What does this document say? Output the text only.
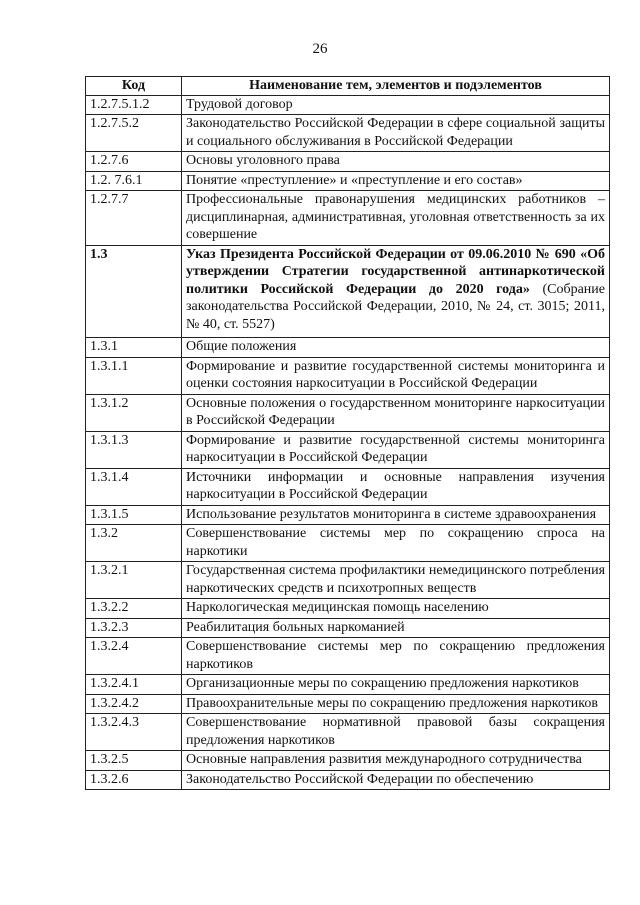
26
Код	Наименование тем, элементов и подэлементов
1.2.7.5.1.2	Трудовой договор
1.2.7.5.2	Законодательство Российской Федерации в сфере социальной защиты и социального обслуживания в Российской Федерации
1.2.7.6	Основы уголовного права
1.2. 7.6.1	Понятие «преступление» и «преступление и его состав»
1.2.7.7	Профессиональные правонарушения медицинских работников – дисциплинарная, административная, уголовная ответственность за их совершение
1.3	Указ Президента Российской Федерации от 09.06.2010 № 690 «Об утверждении Стратегии государственной антинаркотической политики Российской Федерации до 2020 года» (Собрание законодательства Российской Федерации, 2010, № 24, ст. 3015; 2011, № 40, ст. 5527)
1.3.1	Общие положения
1.3.1.1	Формирование и развитие государственной системы мониторинга и оценки состояния наркоситуации в Российской Федерации
1.3.1.2	Основные положения о государственном мониторинге наркоситуации в Российской Федерации
1.3.1.3	Формирование и развитие государственной системы мониторинга наркоситуации в Российской Федерации
1.3.1.4	Источники информации и основные направления изучения наркоситуации в Российской Федерации
1.3.1.5	Использование результатов мониторинга в системе здравоохранения
1.3.2	Совершенствование системы мер по сокращению спроса на наркотики
1.3.2.1	Государственная система профилактики немедицинского потребления наркотических средств и психотропных веществ
1.3.2.2	Наркологическая медицинская помощь населению
1.3.2.3	Реабилитация больных наркоманией
1.3.2.4	Совершенствование системы мер по сокращению предложения наркотиков
1.3.2.4.1	Организационные меры по сокращению предложения наркотиков
1.3.2.4.2	Правоохранительные меры по сокращению предложения наркотиков
1.3.2.4.3	Совершенствование нормативной правовой базы сокращения предложения наркотиков
1.3.2.5	Основные направления развития международного сотрудничества
1.3.2.6	Законодательство Российской Федерации по обеспечению
